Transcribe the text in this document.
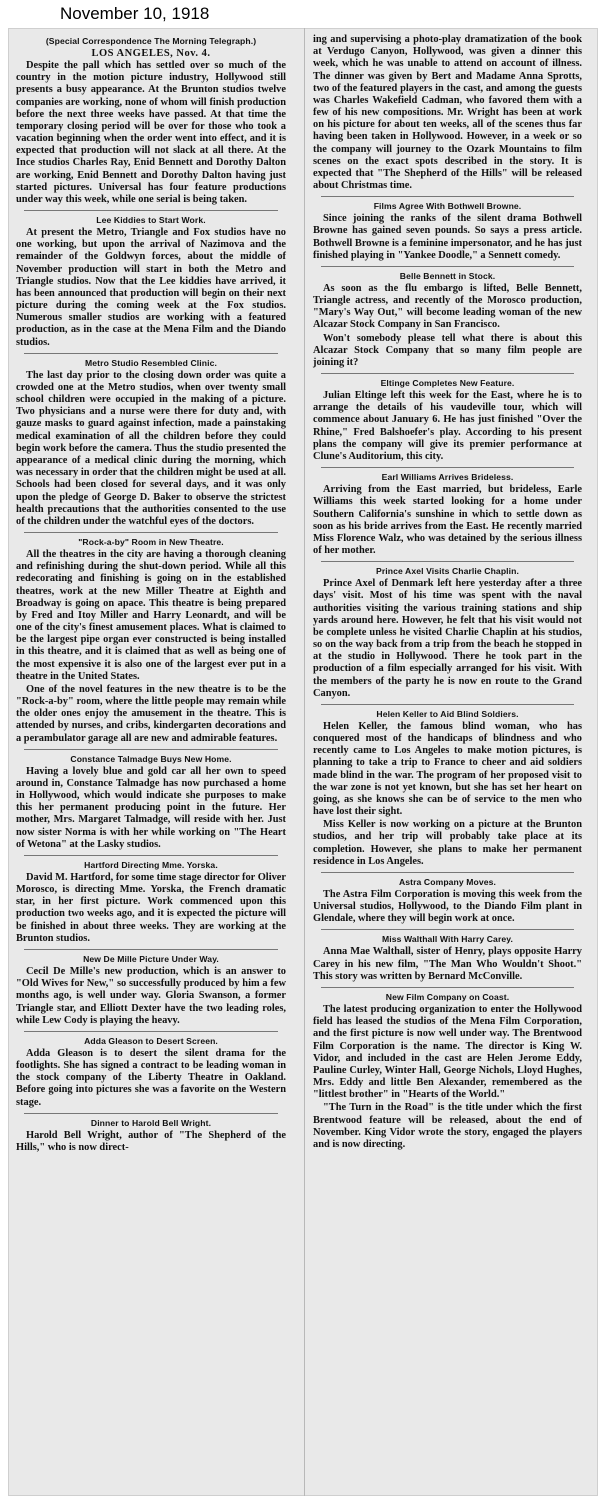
November 10, 1918
(Special Correspondence The Morning Telegraph.)
LOS ANGELES, Nov. 4.

Despite the pall which has settled over so much of the country in the motion picture industry, Hollywood still presents a busy appearance. At the Brunton studios twelve companies are working, none of whom will finish production before the next three weeks have passed. At that time the temporary closing period will be over for those who took a vacation beginning when the order went into effect, and it is expected that production will not slack at all there. At the Ince studios Charles Ray, Enid Bennett and Dorothy Dalton are working, Enid Bennett and Dorothy Dalton having just started pictures. Universal has four feature productions under way this week, while one serial is being taken.

Lee Kiddies to Start Work.

At present the Metro, Triangle and Fox studios have no one working, but upon the arrival of Nazimova and the remainder of the Goldwyn forces, about the middle of November production will start in both the Metro and Triangle studios. Now that the Lee kiddies have arrived, it has been announced that production will begin on their next picture during the coming week at the Fox studios. Numerous smaller studios are working with a featured production, as in the case at the Mena Film and the Diando studios.

Metro Studio Resembled Clinic.

The last day prior to the closing down order was quite a crowded one at the Metro studios, when over twenty small school children were occupied in the making of a picture. Two physicians and a nurse were there for duty and, with gauze masks to guard against infection, made a painstaking medical examination of all the children before they could begin work before the camera. Thus the studio presented the appearance of a medical clinic during the morning, which was necessary in order that the children might be used at all. Schools had been closed for several days, and it was only upon the pledge of George D. Baker to observe the strictest health precautions that the authorities consented to the use of the children under the watchful eyes of the doctors.

"Rock-a-by" Room in New Theatre.

All the theatres in the city are having a thorough cleaning and refinishing during the shut-down period. While all this redecorating and finishing is going on in the established theatres, work at the new Miller Theatre at Eighth and Broadway is going on apace. This theatre is being prepared by Fred and Itoy Miller and Harry Leonardt, and will be one of the city's finest amusement places. What is claimed to be the largest pipe organ ever constructed is being installed in this theatre, and it is claimed that as well as being one of the most expensive it is also one of the largest ever put in a theatre in the United States.

One of the novel features in the new theatre is to be the "Rock-a-by" room, where the little people may remain while the older ones enjoy the amusement in the theatre. This is attended by nurses, and cribs, kindergarten decorations and a perambulator garage all are new and admirable features.

Constance Talmadge Buys New Home.

Having a lovely blue and gold car all her own to speed around in, Constance Talmadge has now purchased a home in Hollywood, which would indicate she purposes to make this her permanent producing point in the future. Her mother, Mrs. Margaret Talmadge, will reside with her. Just now sister Norma is with her while working on "The Heart of Wetona" at the Lasky studios.

Hartford Directing Mme. Yorska.

David M. Hartford, for some time stage director for Oliver Morosco, is directing Mme. Yorska, the French dramatic star, in her first picture. Work commenced upon this production two weeks ago, and it is expected the picture will be finished in about three weeks. They are working at the Brunton studios.

New De Mille Picture Under Way.

Cecil De Mille's new production, which is an answer to "Old Wives for New," so successfully produced by him a few months ago, is well under way. Gloria Swanson, a former Triangle star, and Elliott Dexter have the two leading roles, while Lew Cody is playing the heavy.

Adda Gleason to Desert Screen.

Adda Gleason is to desert the silent drama for the footlights. She has signed a contract to be leading woman in the stock company of the Liberty Theatre in Oakland. Before going into pictures she was a favorite on the Western stage.

Dinner to Harold Bell Wright.

Harold Bell Wright, author of "The Shepherd of the Hills," who is now direct-

ing and supervising a photo-play dramatization of the book at Verdugo Canyon, Hollywood, was given a dinner this week, which he was unable to attend on account of illness. The dinner was given by Bert and Madame Anna Sprotts, two of the featured players in the cast, and among the guests was Charles Wakefield Cadman, who favored them with a few of his new compositions. Mr. Wright has been at work on his picture for about ten weeks, all of the scenes thus far having been taken in Hollywood. However, in a week or so the company will journey to the Ozark Mountains to film scenes on the exact spots described in the story. It is expected that "The Shepherd of the Hills" will be released about Christmas time.

Films Agree With Bothwell Browne.

Since joining the ranks of the silent drama Bothwell Browne has gained seven pounds. So says a press article. Bothwell Browne is a feminine impersonator, and he has just finished playing in "Yankee Doodle," a Sennett comedy.

Belle Bennett in Stock.

As soon as the flu embargo is lifted, Belle Bennett, Triangle actress, and recently of the Morosco production, "Mary's Way Out," will become leading woman of the new Alcazar Stock Company in San Francisco.

Won't somebody please tell what there is about this Alcazar Stock Company that so many film people are joining it?

Eltinge Completes New Feature.

Julian Eltinge left this week for the East, where he is to arrange the details of his vaudeville tour, which will commence about January 6. He has just finished "Over the Rhine," Fred Balshoefer's play. According to his present plans the company will give its premier performance at Clune's Auditorium, this city.

Earl Williams Arrives Brideless.

Arriving from the East married, but brideless, Earle Williams this week started looking for a home under Southern California's sunshine in which to settle down as soon as his bride arrives from the East. He recently married Miss Florence Walz, who was detained by the serious illness of her mother.

Prince Axel Visits Charlie Chaplin.

Prince Axel of Denmark left here yesterday after a three days' visit. Most of his time was spent with the naval authorities visiting the various training stations and ship yards around here. However, he felt that his visit would not be complete unless he visited Charlie Chaplin at his studios, so on the way back from a trip from the beach he stopped in at the studio in Hollywood. There he took part in the production of a film especially arranged for his visit. With the members of the party he is now en route to the Grand Canyon.

Helen Keller to Aid Blind Soldiers.

Helen Keller, the famous blind woman, who has conquered most of the handicaps of blindness and who recently came to Los Angeles to make motion pictures, is planning to take a trip to France to cheer and aid soldiers made blind in the war. The program of her proposed visit to the war zone is not yet known, but she has set her heart on going, as she knows she can be of service to the men who have lost their sight.

Miss Keller is now working on a picture at the Brunton studios, and her trip will probably take place at its completion. However, she plans to make her permanent residence in Los Angeles.

Astra Company Moves.

The Astra Film Corporation is moving this week from the Universal studios, Hollywood, to the Diando Film plant in Glendale, where they will begin work at once.

Miss Walthall With Harry Carey.

Anna Mae Walthall, sister of Henry, plays opposite Harry Carey in his new film, "The Man Who Wouldn't Shoot." This story was written by Bernard McConville.

New Film Company on Coast.

The latest producing organization to enter the Hollywood field has leased the studios of the Mena Film Corporation, and the first picture is now well under way. The Brentwood Film Corporation is the name. The director is King W. Vidor, and included in the cast are Helen Jerome Eddy, Pauline Curley, Winter Hall, George Nichols, Lloyd Hughes, Mrs. Eddy and little Ben Alexander, remembered as the "littlest brother" in "Hearts of the World."

"The Turn in the Road" is the title under which the first Brentwood feature will be released, about the end of November. King Vidor wrote the story, engaged the players and is now directing.
